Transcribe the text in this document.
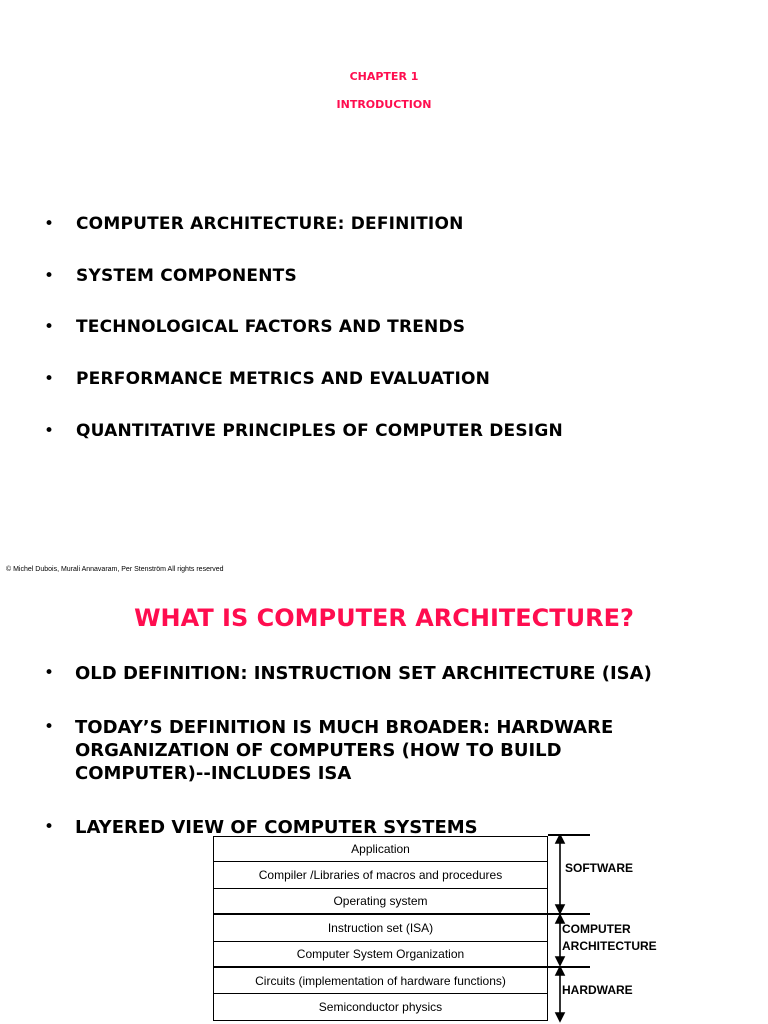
CHAPTER 1
INTRODUCTION
• COMPUTER ARCHITECTURE: DEFINITION
• SYSTEM COMPONENTS
• TECHNOLOGICAL FACTORS AND TRENDS
• PERFORMANCE METRICS AND EVALUATION
• QUANTITATIVE PRINCIPLES OF COMPUTER DESIGN
© Michel Dubois, Murali Annavaram, Per Stenström All rights reserved
WHAT IS COMPUTER ARCHITECTURE?
• OLD DEFINITION: INSTRUCTION SET ARCHITECTURE (ISA)
• TODAY’S DEFINITION IS MUCH BROADER: HARDWARE ORGANIZATION OF COMPUTERS (HOW TO BUILD COMPUTER)--INCLUDES ISA
• LAYERED VIEW OF COMPUTER SYSTEMS
Application
Compiler /Libraries of macros and procedures
Operating system
Instruction set (ISA)
Computer System Organization
Circuits (implementation of hardware functions)
Semiconductor physics
SOFTWARE
COMPUTER
ARCHITECTURE
HARDWARE
